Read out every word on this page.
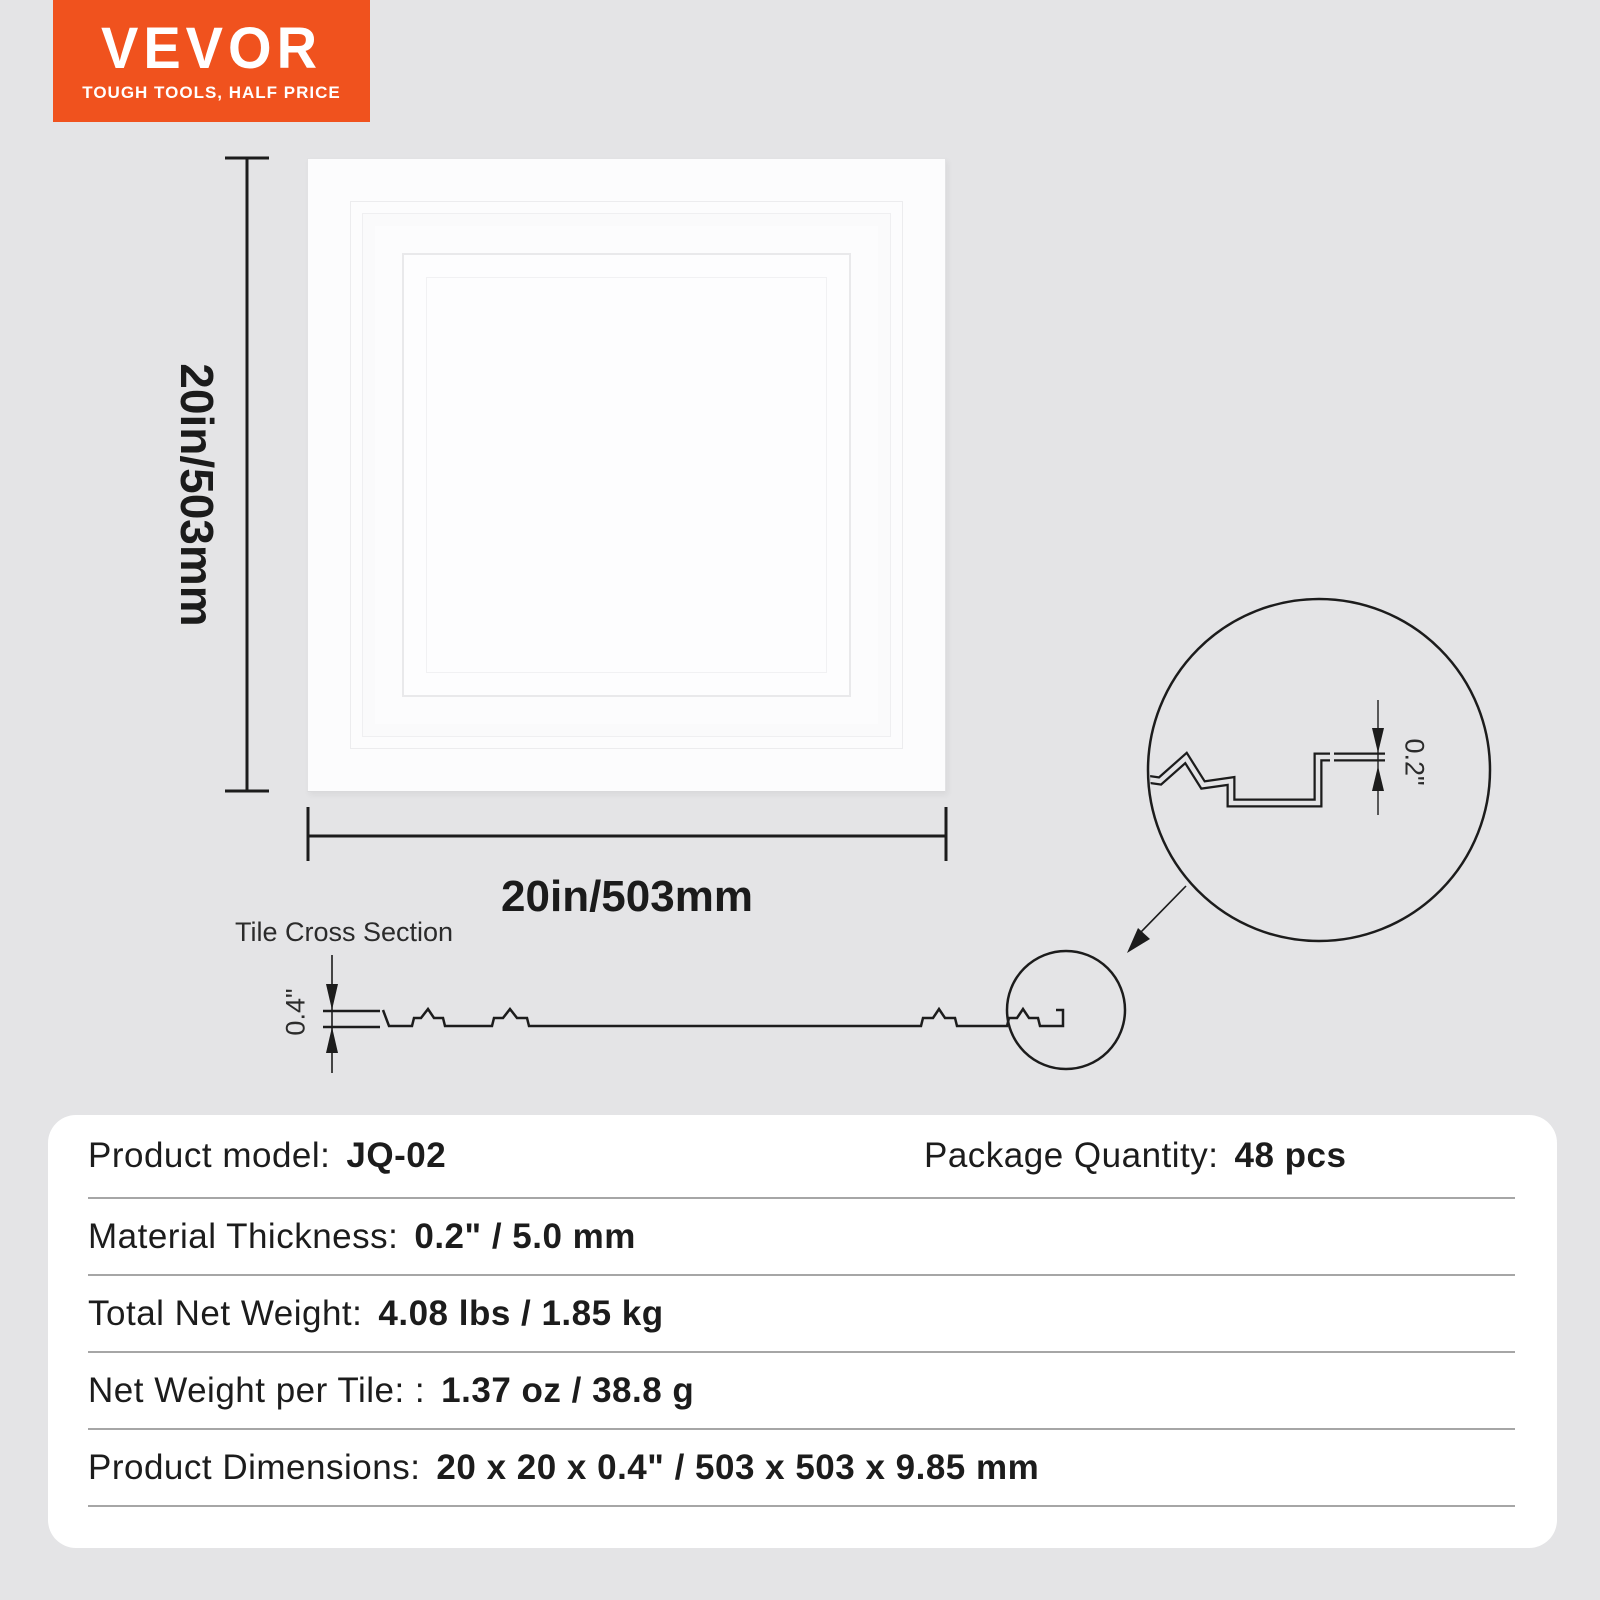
VEVOR
TOUGH TOOLS, HALF PRICE
20in/503mm
20in/503mm
Tile Cross Section
0.4"
0.2"
Product model: JQ-02	Package Quantity: 48 pcs
Material Thickness: 0.2" / 5.0 mm
Total Net Weight: 4.08 lbs / 1.85 kg
Net Weight per Tile: : 1.37 oz / 38.8 g
Product Dimensions: 20 x 20 x 0.4" / 503 x 503 x 9.85 mm
